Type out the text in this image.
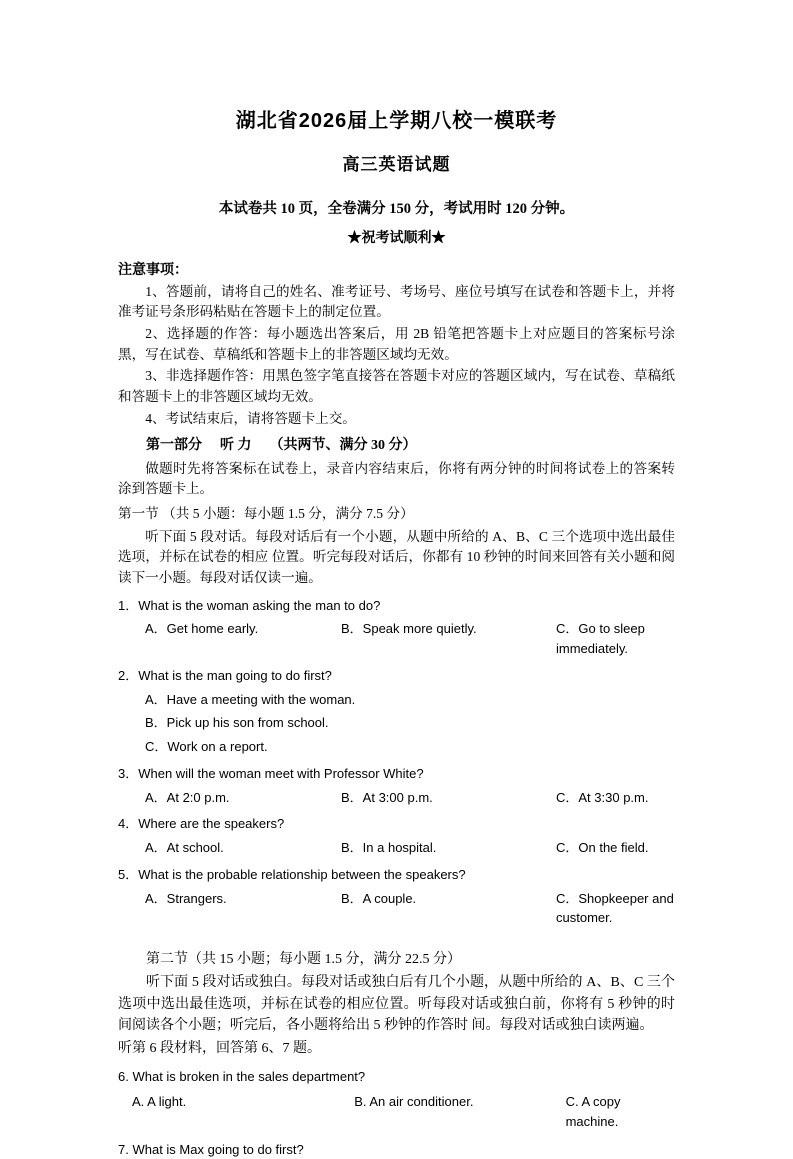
湖北省2026届上学期八校一模联考
高三英语试题

本试卷共 10 页，全卷满分 150 分，考试用时 120 分钟。

★祝考试顺利★

注意事项：

1、答题前，请将自己的姓名、准考证号、考场号、座位号填写在试卷和答题卡上，并将准考证号条形码粘贴在答题卡上的制定位置。

2、选择题的作答：每小题选出答案后，用 2B 铅笔把答题卡上对应题目的答案标号涂黑，写在试卷、草稿纸和答题卡上的非答题区域均无效。

3、非选择题作答：用黑色签字笔直接答在答题卡对应的答题区域内，写在试卷、草稿纸和答题卡上的非答题区域均无效。

4、考试结束后，请将答题卡上交。

第一部分 听 力 （共两节、满分 30 分）

做题时先将答案标在试卷上，录音内容结束后，你将有两分钟的时间将试卷上的答案转涂到答题卡上。

第一节 （共 5 小题：每小题 1.5 分，满分 7.5 分）

听下面 5 段对话。每段对话后有一个小题，从题中所给的 A、B、C 三个选项中选出最佳选项，并标在试卷的相应 位置。听完每段对话后，你都有 10 秒钟的时间来回答有关小题和阅读下一小题。每段对话仅读一遍。

1．What is the woman asking the man to do?

A．Get home early.	B．Speak more quietly.	C．Go to sleep immediately.

2．What is the man going to do first?

A．Have a meeting with the woman.
B．Pick up his son from school.
C．Work on a report.

3．When will the woman meet with Professor White?

A．At 2:0 p.m.	B．At 3:00 p.m.	C．At 3:30 p.m.

4．Where are the speakers?

A．At school.	B．In a hospital.	C．On the field.

5．What is the probable relationship between the speakers?

A．Strangers.	B．A couple.	C．Shopkeeper and customer.

第二节（共 15 小题；每小题 1.5 分，满分 22.5 分）

听下面 5 段对话或独白。每段对话或独白后有几个小题，从题中所给的 A、B、C 三个选项中选出最佳选项，并标在试卷的相应位置。听每段对话或独白前，你将有 5 秒钟的时间阅读各个小题；听完后，各小题将给出 5 秒钟的作答时 间。每段对话或独白读两遍。

听第 6 段材料，回答第 6、7 题。

6. What is broken in the sales department?

A. A light.	B. An air conditioner.	C. A copy machine.

7. What is Max going to do first?
